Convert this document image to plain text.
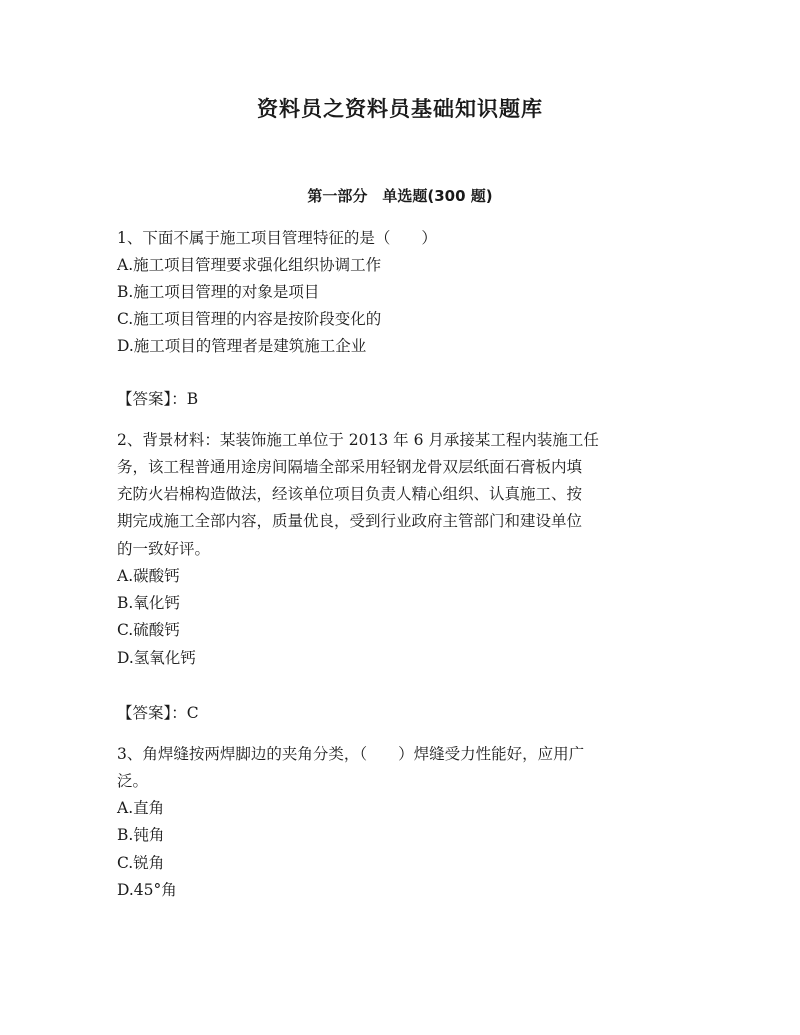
资料员之资料员基础知识题库
第一部分　单选题(300 题)
1、下面不属于施工项目管理特征的是（　　）
A.施工项目管理要求强化组织协调工作
B.施工项目管理的对象是项目
C.施工项目管理的内容是按阶段变化的
D.施工项目的管理者是建筑施工企业
【答案】：B
2、背景材料：某装饰施工单位于 2013 年 6 月承接某工程内装施工任
务，该工程普通用途房间隔墙全部采用轻钢龙骨双层纸面石膏板内填
充防火岩棉构造做法，经该单位项目负责人精心组织、认真施工、按
期完成施工全部内容，质量优良，受到行业政府主管部门和建设单位
的一致好评。
A.碳酸钙
B.氧化钙
C.硫酸钙
D.氢氧化钙
【答案】：C
3、角焊缝按两焊脚边的夹角分类，（　　）焊缝受力性能好，应用广
泛。
A.直角
B.钝角
C.锐角
D.45°角
